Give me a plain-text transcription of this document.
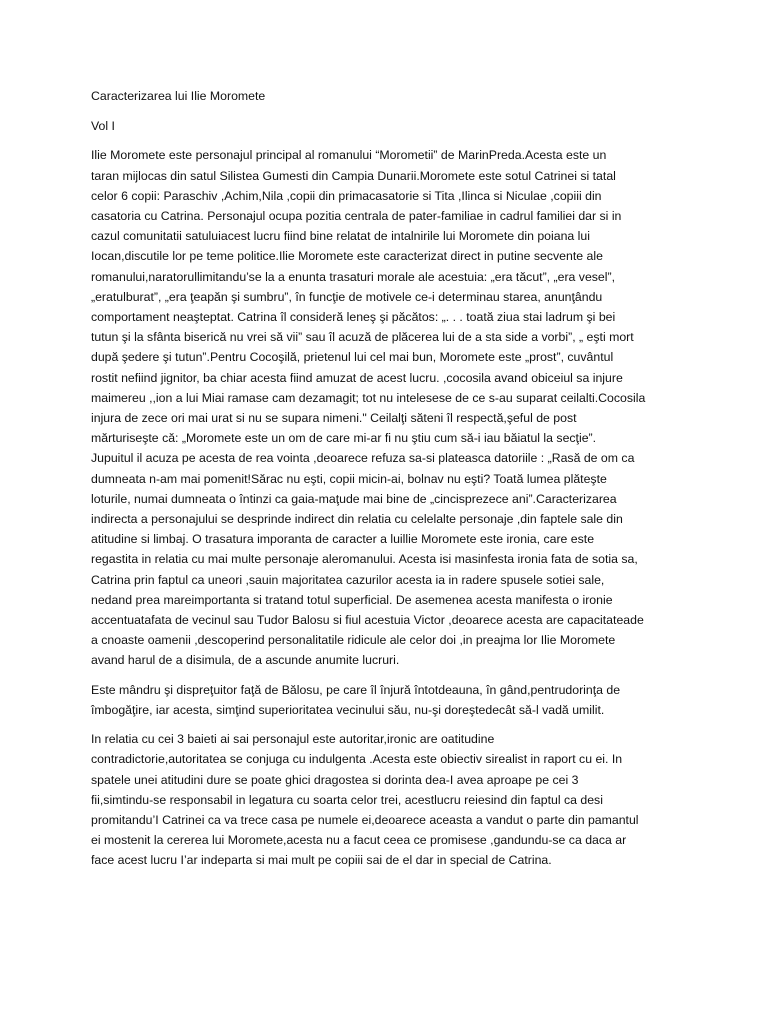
Caracterizarea lui Ilie Moromete
Vol I

Ilie Moromete este personajul principal al romanului “Morometii” de MarinPreda.Acesta este un
taran mijlocas din satul Silistea Gumesti din Campia Dunarii.Moromete este sotul Catrinei si tatal
celor 6 copii: Paraschiv ,Achim,Nila ,copii din primacasatorie si Tita ,Ilinca si Niculae ,copiii din
casatoria cu Catrina. Personajul ocupa pozitia centrala de pater-familiae in cadrul familiei dar si in
cazul comunitatii satuluiacest lucru fiind bine relatat de intalnirile lui Moromete din poiana lui
Iocan,discutile lor pe teme politice.Ilie Moromete este caracterizat direct in putine secvente ale
romanului,naratorullimitandu’se la a enunta trasaturi morale ale acestuia: „era tăcut”, „era vesel”,
„eratulburat”, „era ţeapăn şi sumbru”, în funcţie de motivele ce-i determinau starea, anunţându
comportament neaşteptat. Catrina îl consideră leneş şi păcătos: „. . . toată ziua stai ladrum şi bei
tutun şi la sfânta biserică nu vrei să vii” sau îl acuză de plăcerea lui de a sta side a vorbi”, „ eşti mort
după şedere şi tutun”.Pentru Cocoşilă, prietenul lui cel mai bun, Moromete este „prost”, cuvântul
rostit nefiind jignitor, ba chiar acesta fiind amuzat de acest lucru. ,cocosila avand obiceiul sa injure
maimereu ,,ion a lui Miai ramase cam dezamagit; tot nu intelesese de ce s-au suparat ceilalti.Cocosila
injura de zece ori mai urat si nu se supara nimeni." Ceilalţi săteni îl respectă,şeful de post
mărturiseşte că: „Moromete este un om de care mi-ar fi nu ştiu cum să-i iau băiatul la secţie”.
Jupuitul il acuza pe acesta de rea vointa ,deoarece refuza sa-si plateasca datoriile : „Rasă de om ca
dumneata n-am mai pomenit!Sărac nu eşti, copii micin-ai, bolnav nu eşti? Toată lumea plăteşte
loturile, numai dumneata o întinzi ca gaia-maţude mai bine de „cincisprezece ani”.Caracterizarea
indirecta a personajului se desprinde indirect din relatia cu celelalte personaje ,din faptele sale din
atitudine si limbaj. O trasatura imporanta de caracter a luillie Moromete este ironia, care este
regastita in relatia cu mai multe personaje aleromanului. Acesta isi masinfesta ironia fata de sotia sa,
Catrina prin faptul ca uneori ,sauin majoritatea cazurilor acesta ia in radere spusele sotiei sale,
nedand prea mareimportanta si tratand totul superficial. De asemenea acesta manifesta o ironie
accentuatafata de vecinul sau Tudor Balosu si fiul acestuia Victor ,deoarece acesta are capacitateade
a cnoaste oamenii ,descoperind personalitatile ridicule ale celor doi ,in preajma lor Ilie Moromete
avand harul de a disimula, de a ascunde anumite lucruri.

Este mândru şi dispreţuitor faţă de Bălosu, pe care îl înjură întotdeauna, în gând,pentrudorinţa de
îmbogăţire, iar acesta, simţind superioritatea vecinului său, nu-şi doreştedecât să-l vadă umilit.

In relatia cu cei 3 baieti ai sai personajul este autoritar,ironic are oatitudine
contradictorie,autoritatea se conjuga cu indulgenta .Acesta este obiectiv sirealist in raport cu ei. In
spatele unei atitudini dure se poate ghici dragostea si dorinta dea-I avea aproape pe cei 3
fii,simtindu-se responsabil in legatura cu soarta celor trei, acestlucru reiesind din faptul ca desi
promitandu’I Catrinei ca va trece casa pe numele ei,deoarece aceasta a vandut o parte din pamantul
ei mostenit la cererea lui Moromete,acesta nu a facut ceea ce promisese ,gandundu-se ca daca ar
face acest lucru I’ar indeparta si mai mult pe copiii sai de el dar in special de Catrina.
